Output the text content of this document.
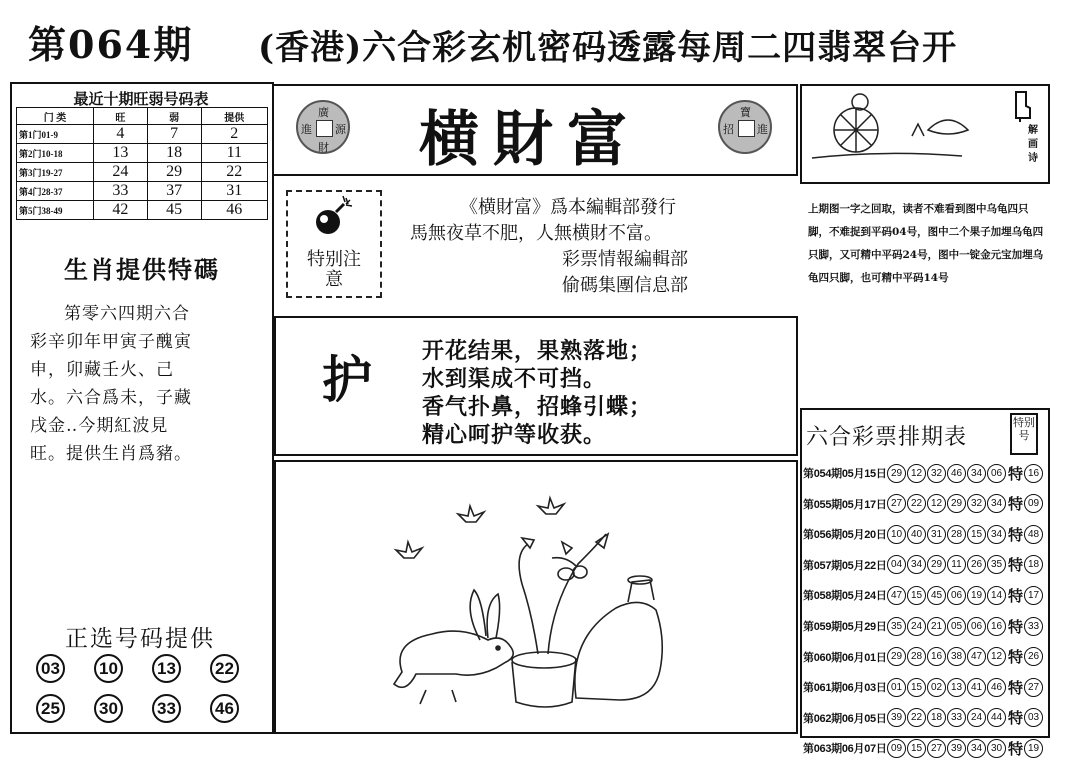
第064期 (香港)六合彩玄机密码透露每周二四翡翠台开
最近十期旺弱号码表
门 类	旺	弱	提供
第1门01-9	4	7	2
第2门10-18	13	18	11
第3门19-27	24	29	22
第4门28-37	33	37	31
第5门38-49	42	45	46
生肖提供特碼
第零六四期六合
彩辛卯年甲寅子醜寅
申，卯藏壬火、己
水。六合爲未，子藏
戌金‥今期紅波見
旺。提供生肖爲豬。
正选号码提供
03 10 13 22
25 30 33 46
廣
進 源
財	横財富	寶
招 進
特别注意
《横財富》爲本編輯部發行
馬無夜草不肥，人無横財不富。
彩票情報編輯部
偷碼集團信息部
护 开花结果，果熟落地；
水到渠成不可挡。
香气扑鼻，招蜂引蝶；
精心呵护等收获。
解画诗
上期图一字之回取，读者不难看到图中乌龟四只脚，不难捉到平码04号，图中二个果子加埋乌龟四只脚，又可精中平码24号，图中一锭金元宝加埋乌龟四只脚，也可精中平码14号
六合彩票排期表
特别号
第054期05月15日 29 12 32 46 34 06 特 16
第055期05月17日 27 22 12 29 32 34 特 09
第056期05月20日 10 40 31 28 15 34 特 48
第057期05月22日 04 34 29 11 26 35 特 18
第058期05月24日 47 15 45 06 19 14 特 17
第059期05月29日 35 24 21 05 06 16 特 33
第060期06月01日 29 28 16 38 47 12 特 26
第061期06月03日 01 15 02 13 41 46 特 27
第062期06月05日 39 22 18 33 24 44 特 03
第063期06月07日 09 15 27 39 34 30 特 19
